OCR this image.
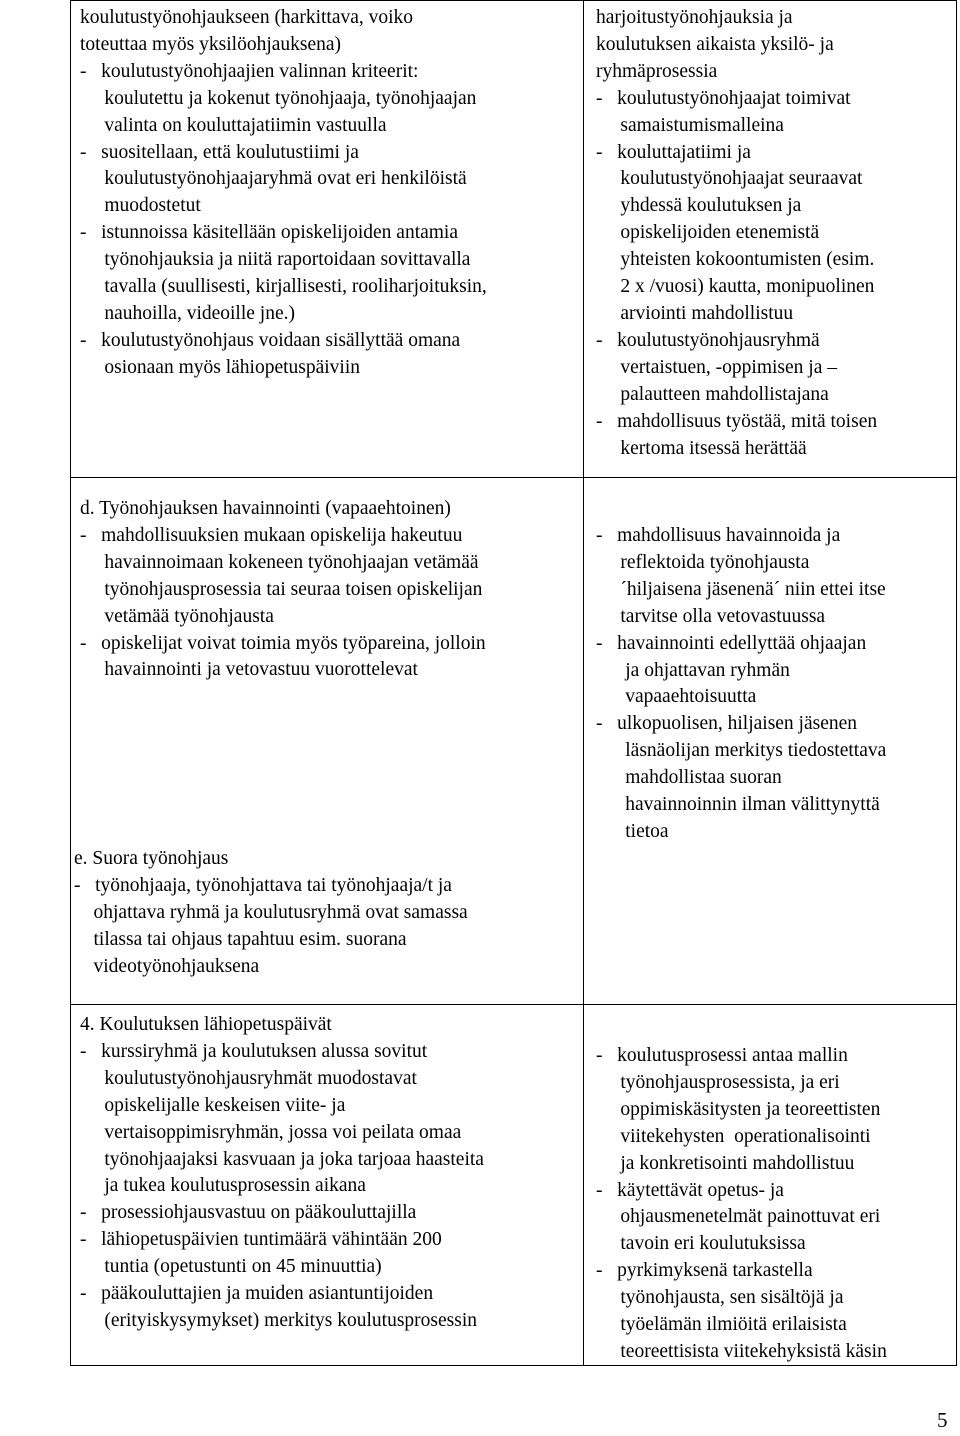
koulutustyönohjaukseen (harkittava, voiko
toteuttaa myös yksilöohjauksena)
-   koulutustyönohjaajien valinnan kriteerit:
koulutettu ja kokenut työnohjaaja, työnohjaajan
valinta on kouluttajatiimin vastuulla
-   suositellaan, että koulutustiimi ja
koulutustyönohjaajaryhmä ovat eri henkilöistä
muodostetut
-   istunnoissa käsitellään opiskelijoiden antamia
työnohjauksia ja niitä raportoidaan sovittavalla
tavalla (suullisesti, kirjallisesti, rooliharjoituksin,
nauhoilla, videoille jne.)
-   koulutustyönohjaus voidaan sisällyttää omana
osionaan myös lähiopetuspäiviin
harjoitustyönohjauksia ja
koulutuksen aikaista yksilö- ja
ryhmäprosessia
-   koulutustyönohjaajat toimivat
samaistumismalleina
-   kouluttajatiimi ja
koulutustyönohjaajat seuraavat
yhdessä koulutuksen ja
opiskelijoiden etenemistä
yhteisten kokoontumisten (esim.
2 x /vuosi) kautta, monipuolinen
arviointi mahdollistuu
-   koulutustyönohjausryhmä
vertaistuen, -oppimisen ja –
palautteen mahdollistajana
-   mahdollisuus työstää, mitä toisen
kertoma itsessä herättää
d. Työnohjauksen havainnointi (vapaaehtoinen)
-   mahdollisuuksien mukaan opiskelija hakeutuu
havainnoimaan kokeneen työnohjaajan vetämää
työnohjausprosessia tai seuraa toisen opiskelijan
vetämää työnohjausta
-   opiskelijat voivat toimia myös työpareina, jolloin
havainnointi ja vetovastuu vuorottelevat
e. Suora työnohjaus
-   työnohjaaja, työnohjattava tai työnohjaaja/t ja
ohjattava ryhmä ja koulutusryhmä ovat samassa
tilassa tai ohjaus tapahtuu esim. suorana
videotyönohjauksena
-   mahdollisuus havainnoida ja
reflektoida työnohjausta
´hiljaisena jäsenenä´ niin ettei itse
tarvitse olla vetovastuussa
-   havainnointi edellyttää ohjaajan
ja ohjattavan ryhmän
vapaaehtoisuutta
-   ulkopuolisen, hiljaisen jäsenen
läsnäolijan merkitys tiedostettava
mahdollistaa suoran
havainnoinnin ilman välittynyttä
tietoa
4. Koulutuksen lähiopetuspäivät
-   kurssiryhmä ja koulutuksen alussa sovitut
koulutustyönohjausryhmät muodostavat
opiskelijalle keskeisen viite- ja
vertaisoppimisryhmän, jossa voi peilata omaa
työnohjaajaksi kasvuaan ja joka tarjoaa haasteita
ja tukea koulutusprosessin aikana
-   prosessiohjausvastuu on pääkouluttajilla
-   lähiopetuspäivien tuntimäärä vähintään 200
tuntia (opetustunti on 45 minuuttia)
-   pääkouluttajien ja muiden asiantuntijoiden
(erityiskysymykset) merkitys koulutusprosessin
-   koulutusprosessi antaa mallin
työnohjausprosessista, ja eri
oppimiskäsitysten ja teoreettisten
viitekehysten  operationalisointi
ja konkretisointi mahdollistuu
-   käytettävät opetus- ja
ohjausmenetelmät painottuvat eri
tavoin eri koulutuksissa
-   pyrkimyksenä tarkastella
työnohjausta, sen sisältöjä ja
työelämän ilmiöitä erilaisista
teoreettisista viitekehyksistä käsin
5
